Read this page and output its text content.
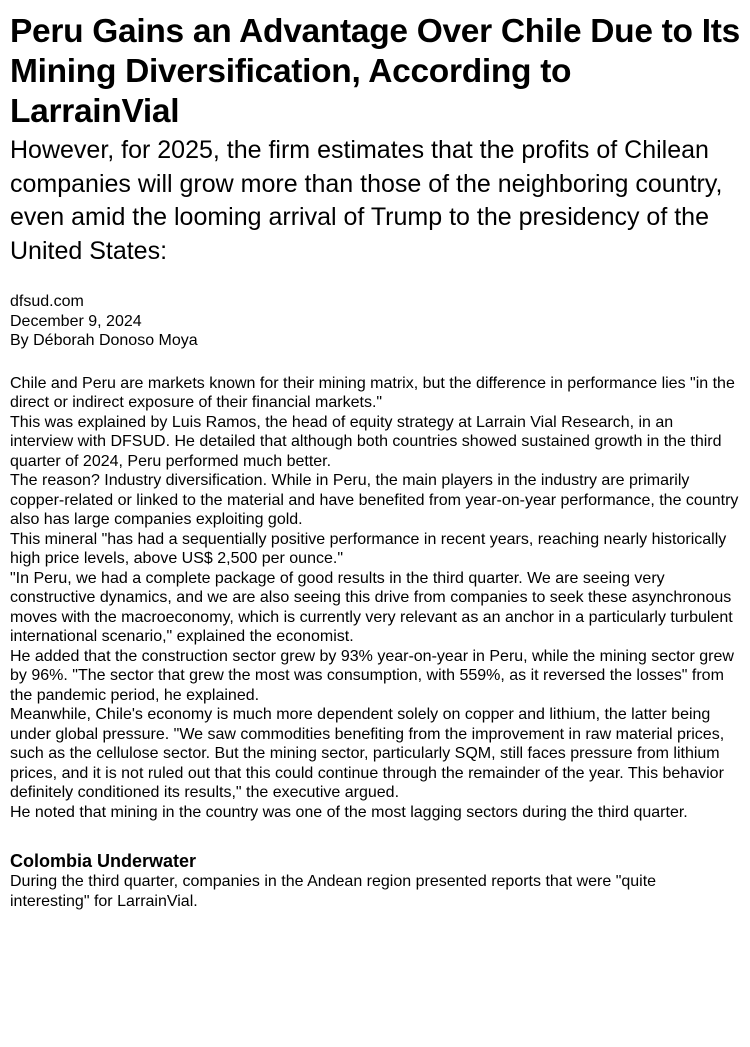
Peru Gains an Advantage Over Chile Due to Its Mining Diversification, According to LarrainVial
However, for 2025, the firm estimates that the profits of Chilean companies will grow more than those of the neighboring country, even amid the looming arrival of Trump to the presidency of the United States:
dfsud.com
December 9, 2024
By Déborah Donoso Moya

Chile and Peru are markets known for their mining matrix, but the difference in performance lies "in the direct or indirect exposure of their financial markets."

This was explained by Luis Ramos, the head of equity strategy at Larrain Vial Research, in an interview with DFSUD. He detailed that although both countries showed sustained growth in the third quarter of 2024, Peru performed much better.

The reason? Industry diversification. While in Peru, the main players in the industry are primarily copper-related or linked to the material and have benefited from year-on-year performance, the country also has large companies exploiting gold.

This mineral "has had a sequentially positive performance in recent years, reaching nearly historically high price levels, above US$ 2,500 per ounce."

"In Peru, we had a complete package of good results in the third quarter. We are seeing very constructive dynamics, and we are also seeing this drive from companies to seek these asynchronous moves with the macroeconomy, which is currently very relevant as an anchor in a particularly turbulent international scenario," explained the economist.

He added that the construction sector grew by 93% year-on-year in Peru, while the mining sector grew by 96%. "The sector that grew the most was consumption, with 559%, as it reversed the losses" from the pandemic period, he explained.

Meanwhile, Chile's economy is much more dependent solely on copper and lithium, the latter being under global pressure. "We saw commodities benefiting from the improvement in raw material prices, such as the cellulose sector. But the mining sector, particularly SQM, still faces pressure from lithium prices, and it is not ruled out that this could continue through the remainder of the year. This behavior definitely conditioned its results," the executive argued.

He noted that mining in the country was one of the most lagging sectors during the third quarter.

Colombia Underwater

During the third quarter, companies in the Andean region presented reports that were "quite interesting" for LarrainVial.
